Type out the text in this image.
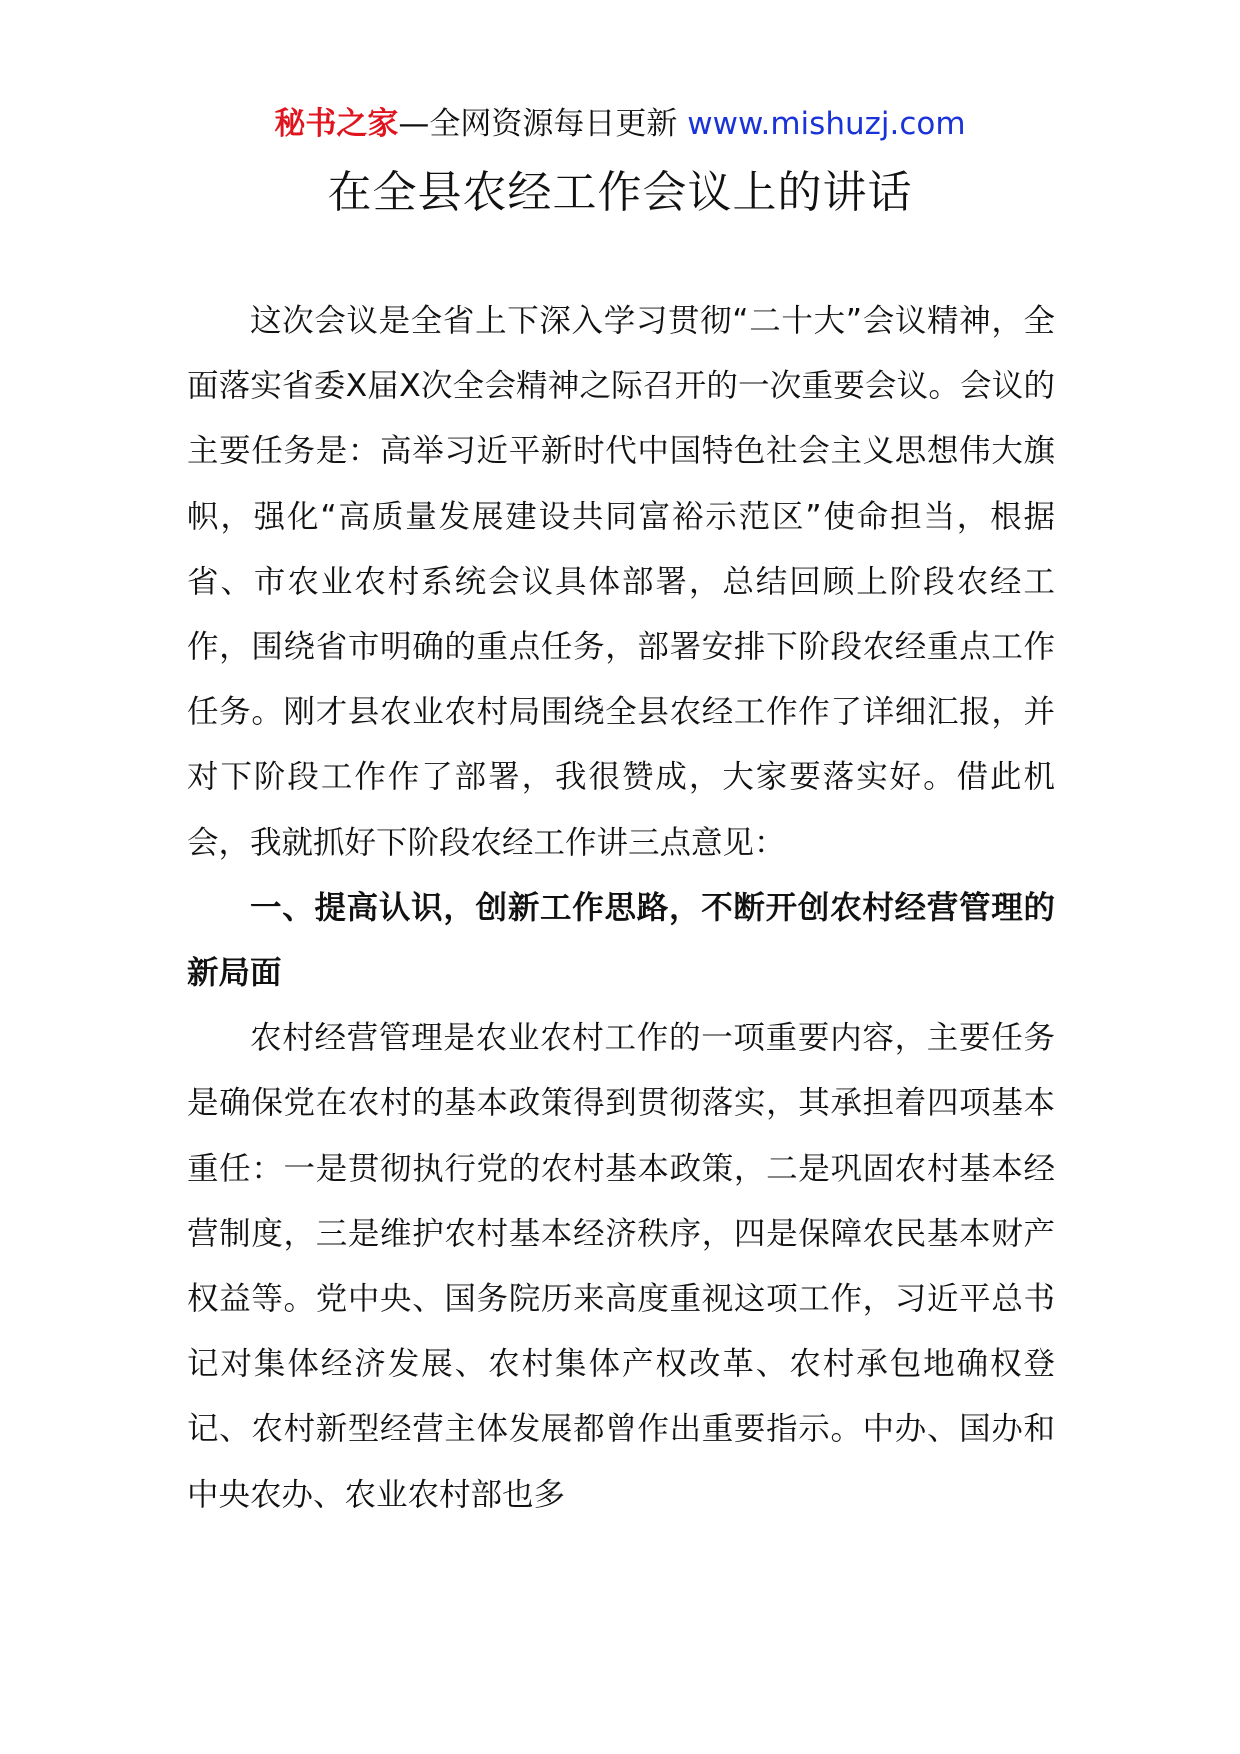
秘书之家—全网资源每日更新 www.mishuzj.com
在全县农经工作会议上的讲话

这次会议是全省上下深入学习贯彻“二十大”会议精神，全面落实省委X届X次全会精神之际召开的一次重要会议。会议的主要任务是：高举习近平新时代中国特色社会主义思想伟大旗帜，强化“高质量发展建设共同富裕示范区”使命担当，根据省、市农业农村系统会议具体部署，总结回顾上阶段农经工作，围绕省市明确的重点任务，部署安排下阶段农经重点工作任务。刚才县农业农村局围绕全县农经工作作了详细汇报，并对下阶段工作作了部署，我很赞成，大家要落实好。借此机会，我就抓好下阶段农经工作讲三点意见：

一、提高认识，创新工作思路，不断开创农村经营管理的新局面

农村经营管理是农业农村工作的一项重要内容，主要任务是确保党在农村的基本政策得到贯彻落实，其承担着四项基本重任：一是贯彻执行党的农村基本政策，二是巩固农村基本经营制度，三是维护农村基本经济秩序，四是保障农民基本财产权益等。党中央、国务院历来高度重视这项工作，习近平总书记对集体经济发展、农村集体产权改革、农村承包地确权登记、农村新型经营主体发展都曾作出重要指示。中办、国办和中央农办、农业农村部也多
